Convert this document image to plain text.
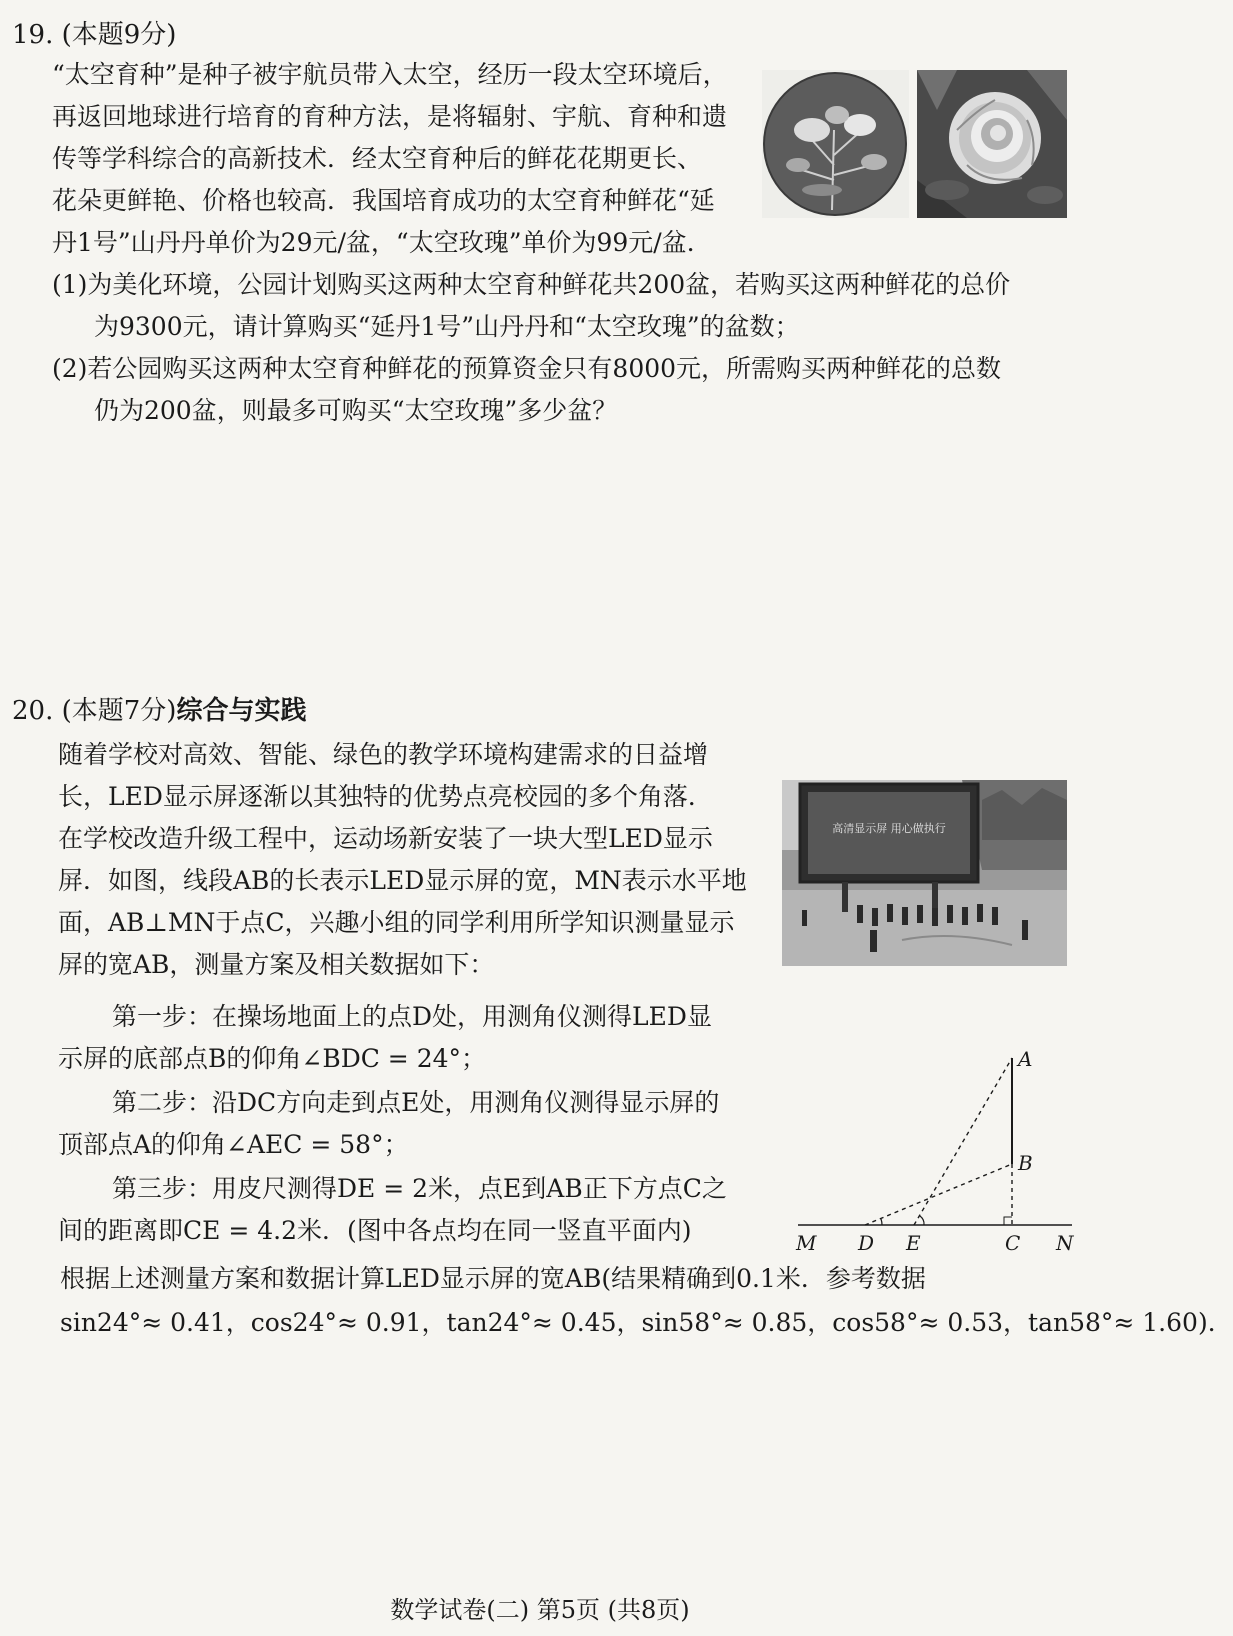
19. (本题9分)
“太空育种”是种子被宇航员带入太空，经历一段太空环境后，
再返回地球进行培育的育种方法，是将辐射、宇航、育种和遗
传等学科综合的高新技术．经太空育种后的鲜花花期更长、
花朵更鲜艳、价格也较高．我国培育成功的太空育种鲜花“延
丹1号”山丹丹单价为29元/盆，“太空玫瑰”单价为99元/盆．
(1)为美化环境，公园计划购买这两种太空育种鲜花共200盆，若购买这两种鲜花的总价
为9300元，请计算购买“延丹1号”山丹丹和“太空玫瑰”的盆数；
(2)若公园购买这两种太空育种鲜花的预算资金只有8000元，所需购买两种鲜花的总数
仍为200盆，则最多可购买“太空玫瑰”多少盆？
20. (本题7分)综合与实践
随着学校对高效、智能、绿色的教学环境构建需求的日益增
长，LED显示屏逐渐以其独特的优势点亮校园的多个角落．
在学校改造升级工程中，运动场新安装了一块大型LED显示
屏．如图，线段AB的长表示LED显示屏的宽，MN表示水平地
面，AB⊥MN于点C，兴趣小组的同学利用所学知识测量显示
屏的宽AB，测量方案及相关数据如下：
第一步：在操场地面上的点D处，用测角仪测得LED显
示屏的底部点B的仰角∠BDC = 24°；
第二步：沿DC方向走到点E处，用测角仪测得显示屏的
顶部点A的仰角∠AEC = 58°；
第三步：用皮尺测得DE = 2米，点E到AB正下方点C之
间的距离即CE = 4.2米．(图中各点均在同一竖直平面内)
根据上述测量方案和数据计算LED显示屏的宽AB(结果精确到0.1米．参考数据
sin24°≈ 0.41，cos24°≈ 0.91，tan24°≈ 0.45，sin58°≈ 0.85，cos58°≈ 0.53，tan58°≈ 1.60)．
高清显示屏 用心做执行
A
B
M D E	C N
数学试卷(二) 第5页 (共8页)
